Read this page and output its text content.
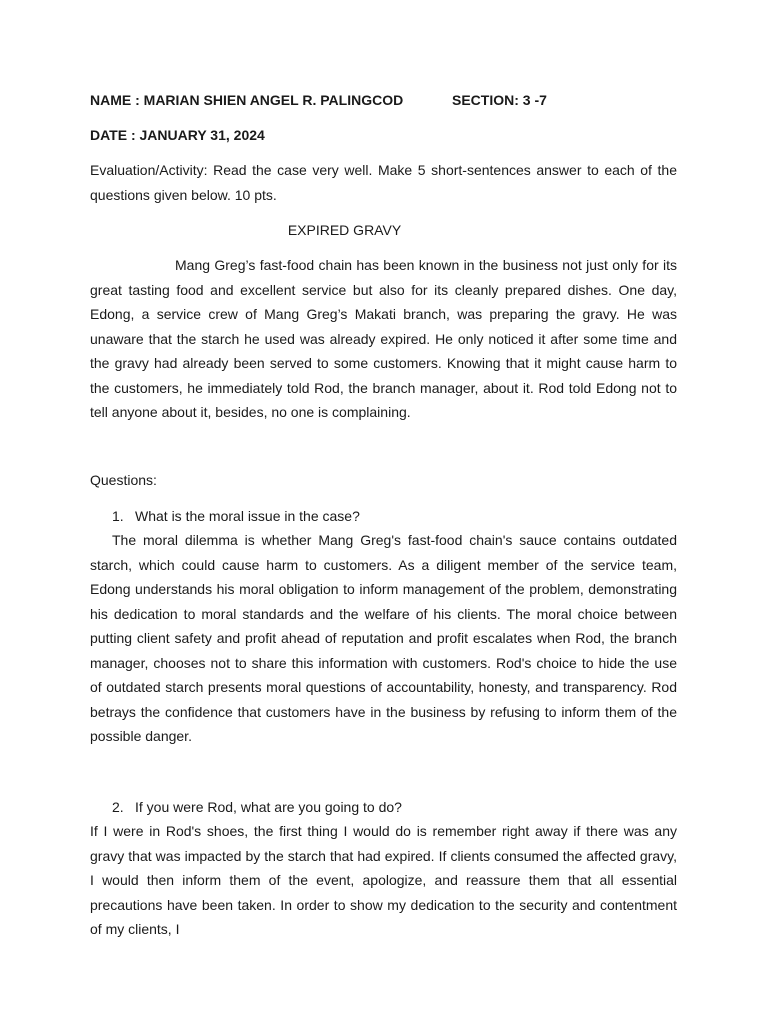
NAME : MARIAN SHIEN ANGEL R. PALINGCOD	SECTION: 3 -7
DATE : JANUARY 31, 2024
Evaluation/Activity: Read the case very well. Make 5 short-sentences answer to each of the questions given below. 10 pts.
EXPIRED GRAVY
Mang Greg’s fast-food chain has been known in the business not just only for its great tasting food and excellent service but also for its cleanly prepared dishes. One day, Edong, a service crew of Mang Greg’s Makati branch, was preparing the gravy. He was unaware that the starch he used was already expired. He only noticed it after some time and the gravy had already been served to some customers. Knowing that it might cause harm to the customers, he immediately told Rod, the branch manager, about it. Rod told Edong not to tell anyone about it, besides, no one is complaining.
Questions:
1. What is the moral issue in the case?
The moral dilemma is whether Mang Greg's fast-food chain's sauce contains outdated starch, which could cause harm to customers. As a diligent member of the service team, Edong understands his moral obligation to inform management of the problem, demonstrating his dedication to moral standards and the welfare of his clients. The moral choice between putting client safety and profit ahead of reputation and profit escalates when Rod, the branch manager, chooses not to share this information with customers. Rod's choice to hide the use of outdated starch presents moral questions of accountability, honesty, and transparency. Rod betrays the confidence that customers have in the business by refusing to inform them of the possible danger.
2. If you were Rod, what are you going to do?
If I were in Rod's shoes, the first thing I would do is remember right away if there was any gravy that was impacted by the starch that had expired. If clients consumed the affected gravy, I would then inform them of the event, apologize, and reassure them that all essential precautions have been taken. In order to show my dedication to the security and contentment of my clients, I
